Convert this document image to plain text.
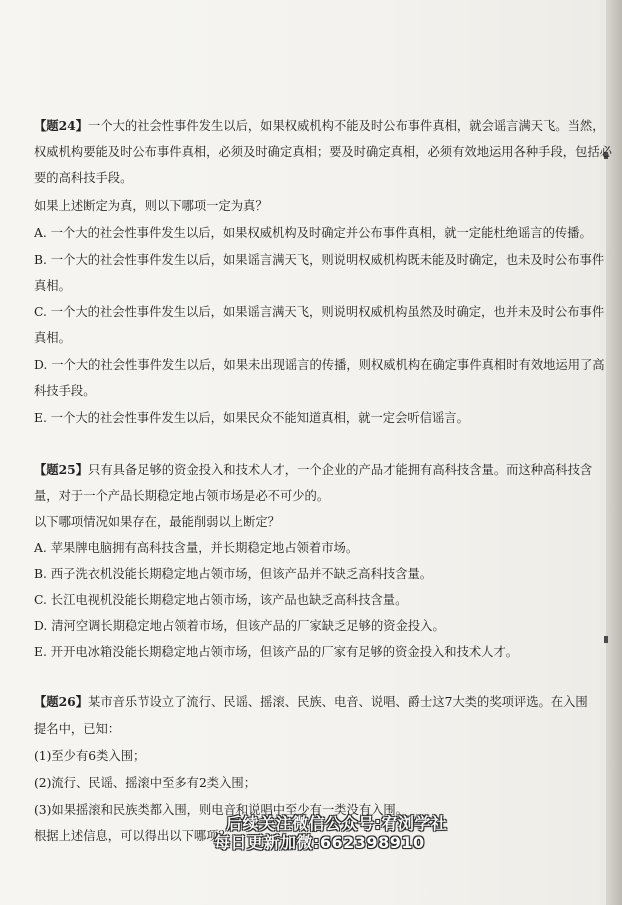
【题24】一个大的社会性事件发生以后，如果权威机构不能及时公布事件真相，就会谣言满天飞。当然，
权威机构要能及时公布事件真相，必须及时确定真相；要及时确定真相，必须有效地运用各种手段，包括必
要的高科技手段。
如果上述断定为真，则以下哪项一定为真？
A. 一个大的社会性事件发生以后，如果权威机构及时确定并公布事件真相，就一定能杜绝谣言的传播。
B. 一个大的社会性事件发生以后，如果谣言满天飞，则说明权威机构既未能及时确定，也未及时公布事件
真相。
C. 一个大的社会性事件发生以后，如果谣言满天飞，则说明权威机构虽然及时确定，也并未及时公布事件
真相。
D. 一个大的社会性事件发生以后，如果未出现谣言的传播，则权威机构在确定事件真相时有效地运用了高
科技手段。
E. 一个大的社会性事件发生以后，如果民众不能知道真相，就一定会听信谣言。
【题25】只有具备足够的资金投入和技术人才，一个企业的产品才能拥有高科技含量。而这种高科技含
量，对于一个产品长期稳定地占领市场是必不可少的。
以下哪项情况如果存在，最能削弱以上断定？
A. 苹果牌电脑拥有高科技含量，并长期稳定地占领着市场。
B. 西子洗衣机没能长期稳定地占领市场，但该产品并不缺乏高科技含量。
C. 长江电视机没能长期稳定地占领市场，该产品也缺乏高科技含量。
D. 清河空调长期稳定地占领着市场，但该产品的厂家缺乏足够的资金投入。
E. 开开电冰箱没能长期稳定地占领市场，但该产品的厂家有足够的资金投入和技术人才。
【题26】某市音乐节设立了流行、民谣、摇滚、民族、电音、说唱、爵士这7大类的奖项评选。在入围
提名中，已知：
(1)至少有6类入围；
(2)流行、民谣、摇滚中至多有2类入围；
(3)如果摇滚和民族类都入围，则电音和说唱中至少有一类没有入围。
根据上述信息，可以得出以下哪项？
后续关注微信公众号:宥浏学社
每日更新加微:662398910
